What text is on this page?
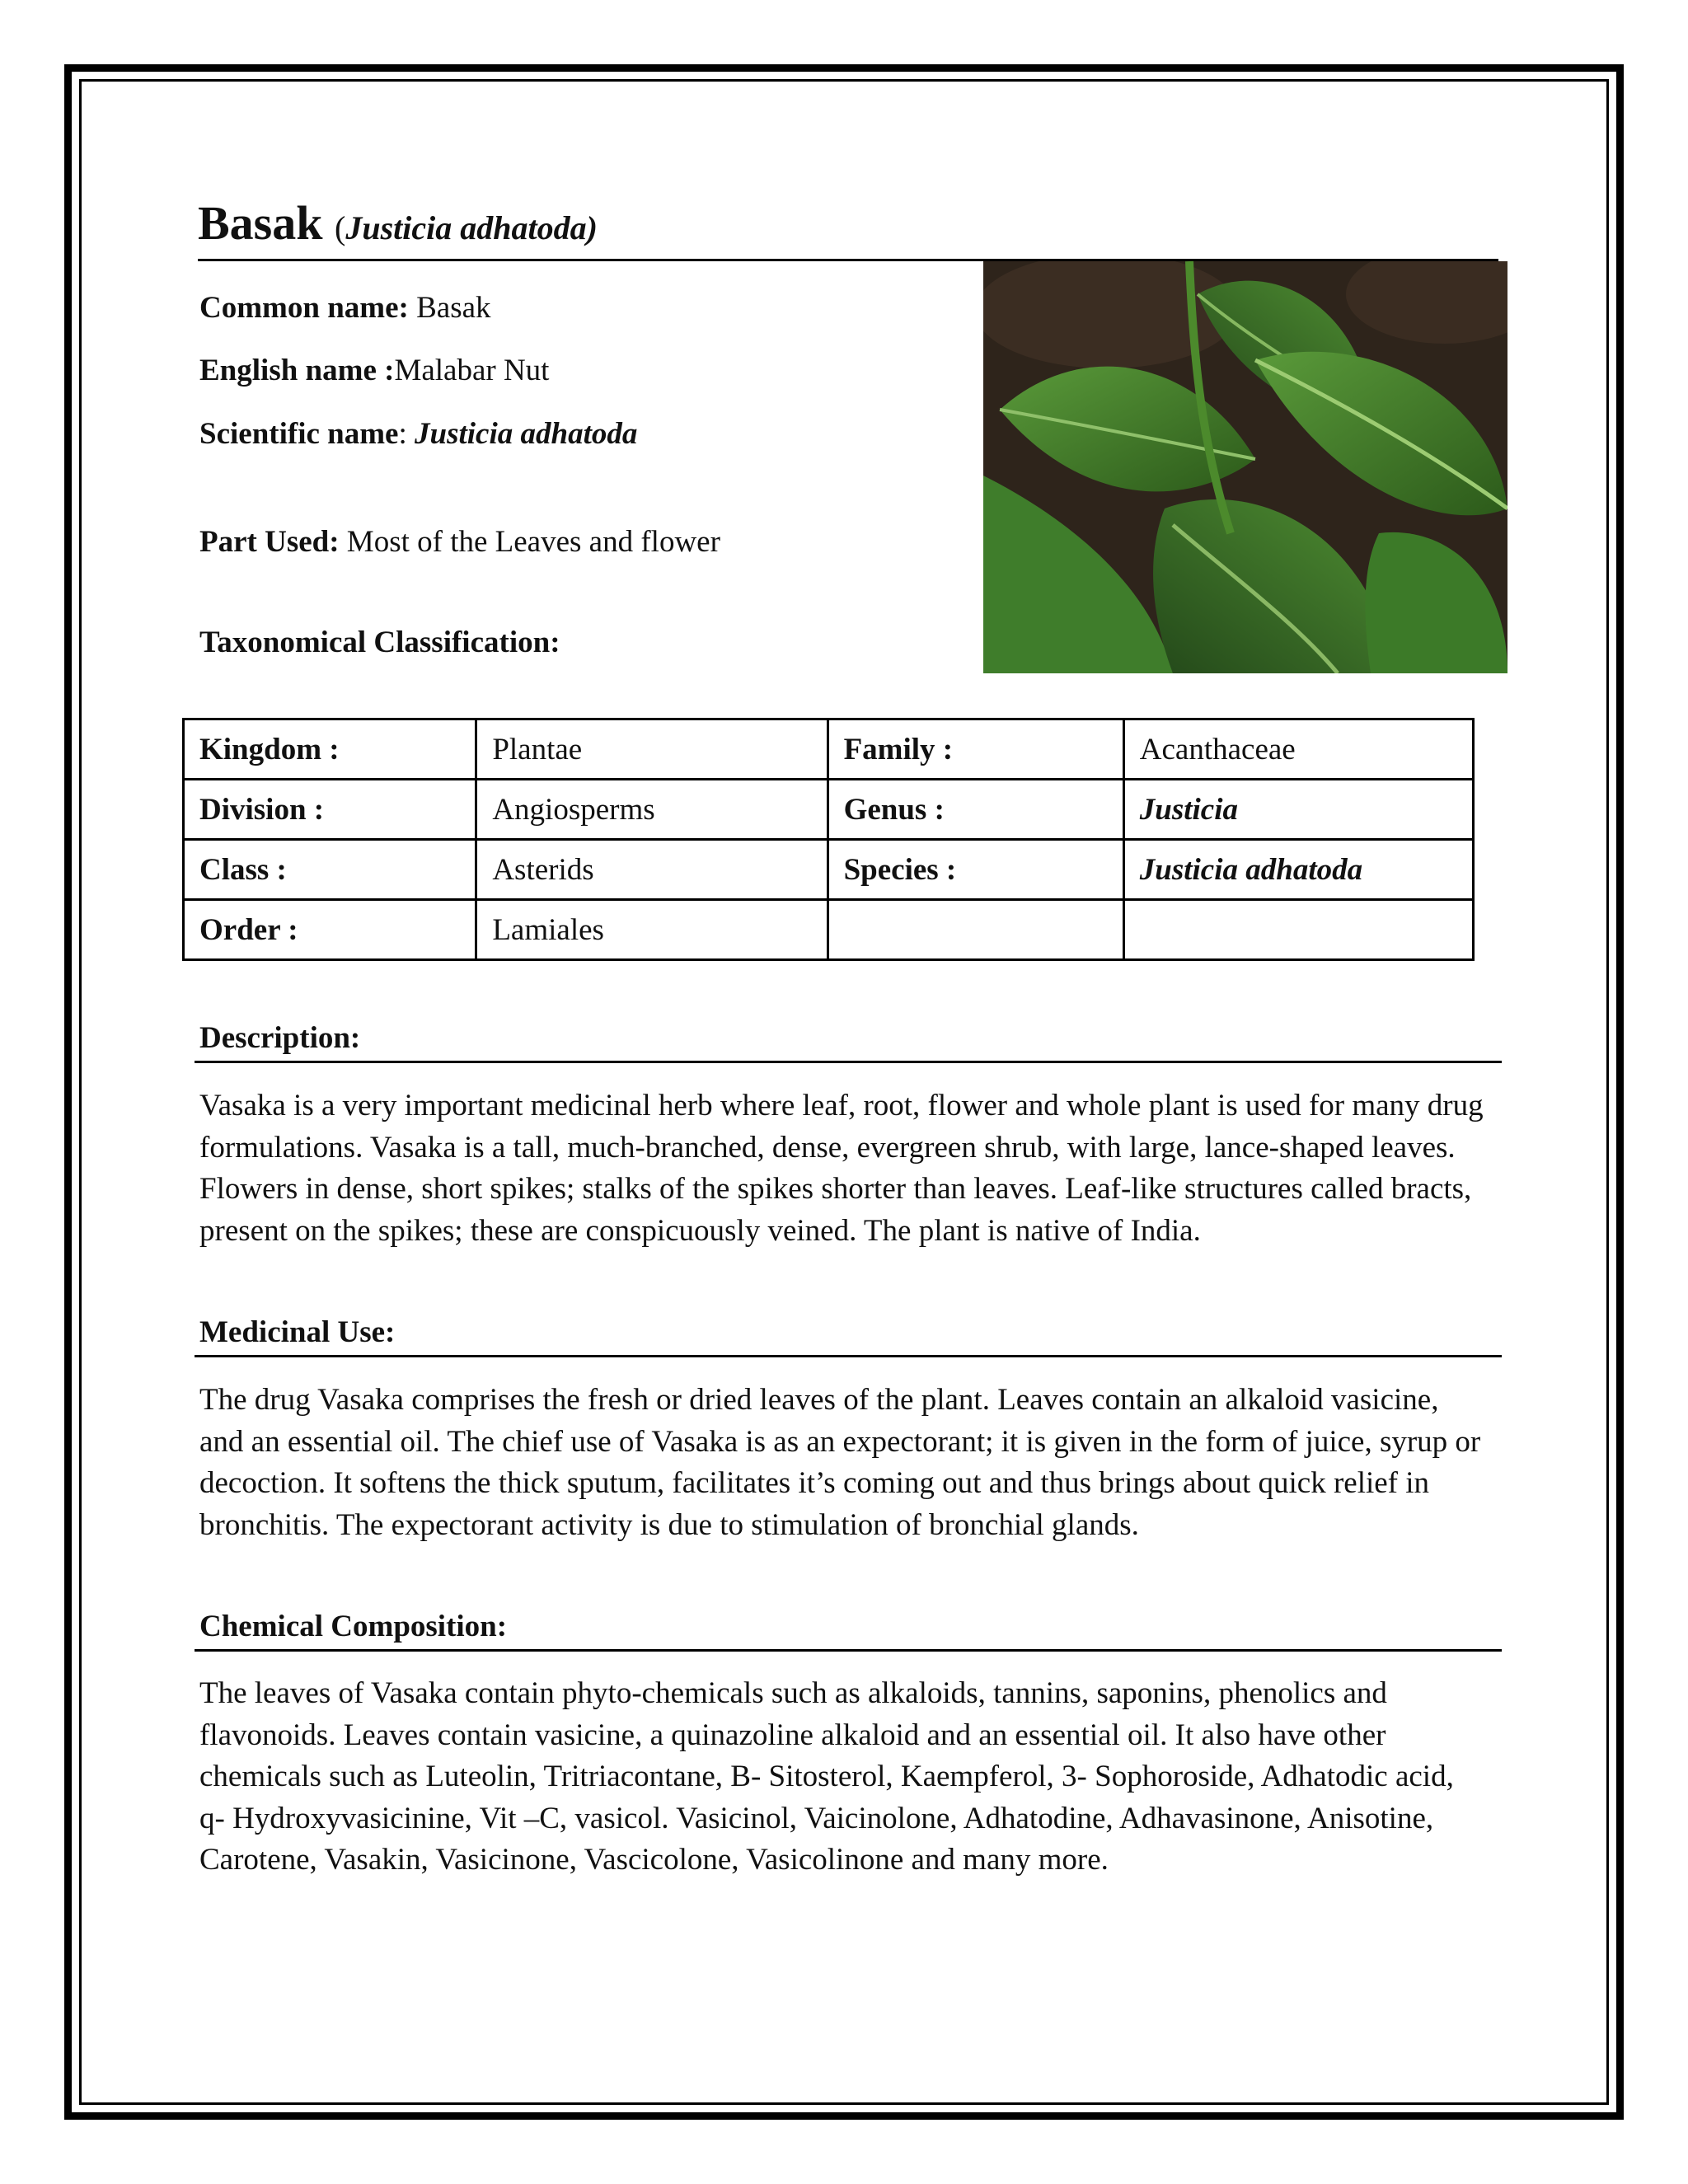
Basak (Justicia adhatoda)
Common name: Basak
English name :Malabar Nut
Scientific name: Justicia adhatoda
Part Used: Most of the Leaves and flower
Taxonomical Classification:
Kingdom :	Plantae	Family :	Acanthaceae
Division :	Angiosperms	Genus :	Justicia
Class :	Asterids	Species :	Justicia adhatoda
Order :	Lamiales		
Description:
Vasaka is a very important medicinal herb where leaf, root, flower and whole plant is used for many drug formulations. Vasaka is a tall, much-branched, dense, evergreen shrub, with large, lance-shaped leaves. Flowers in dense, short spikes; stalks of the spikes shorter than leaves. Leaf-like structures called bracts, present on the spikes; these are conspicuously veined. The plant is native of India.
Medicinal Use:
The drug Vasaka comprises the fresh or dried leaves of the plant. Leaves contain an alkaloid vasicine, and an essential oil. The chief use of Vasaka is as an expectorant; it is given in the form of juice, syrup or decoction. It softens the thick sputum, facilitates it’s coming out and thus brings about quick relief in bronchitis. The expectorant activity is due to stimulation of bronchial glands.
Chemical Composition:
The leaves of Vasaka contain phyto-chemicals such as alkaloids, tannins, saponins, phenolics and flavonoids. Leaves contain vasicine, a quinazoline alkaloid and an essential oil. It also have other chemicals such as Luteolin, Tritriacontane, B- Sitosterol, Kaempferol, 3- Sophoroside, Adhatodic acid, q- Hydroxyvasicinine, Vit –C, vasicol. Vasicinol, Vaicinolone, Adhatodine, Adhavasinone, Anisotine, Carotene, Vasakin, Vasicinone, Vascicolone, Vasicolinone and many more.
